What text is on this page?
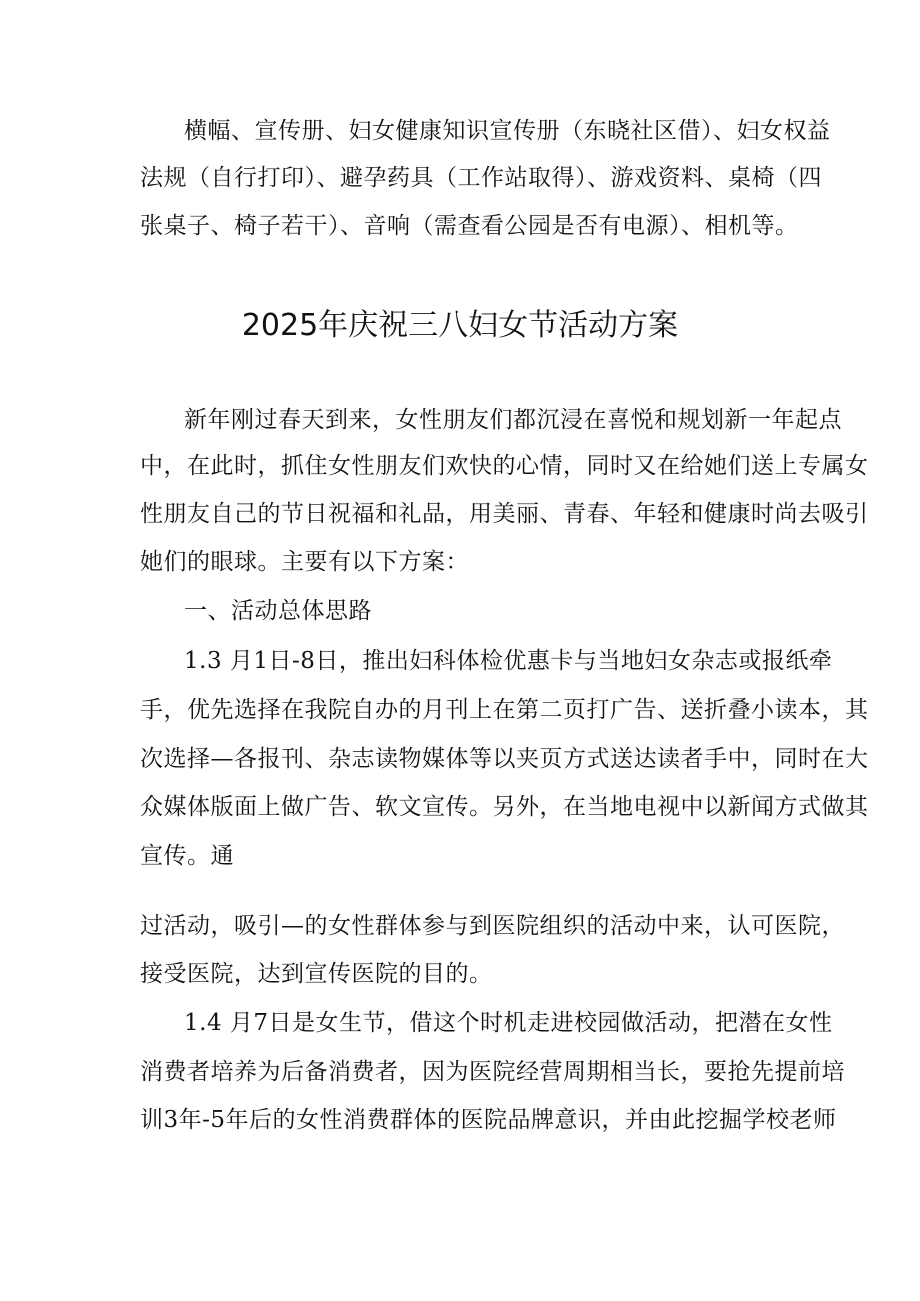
横幅、宣传册、妇女健康知识宣传册（东晓社区借）、妇女权益
法规（自行打印）、避孕药具（工作站取得）、游戏资料、桌椅（四
张桌子、椅子若干）、音响（需查看公园是否有电源）、相机等。
2025年庆祝三八妇女节活动方案
新年刚过春天到来，女性朋友们都沉浸在喜悦和规划新一年起点
中，在此时，抓住女性朋友们欢快的心情，同时又在给她们送上专属女
性朋友自己的节日祝福和礼品，用美丽、青春、年轻和健康时尚去吸引
她们的眼球。主要有以下方案：
一、活动总体思路
1.3 月1日-8日，推出妇科体检优惠卡与当地妇女杂志或报纸牵
手，优先选择在我院自办的月刊上在第二页打广告、送折叠小读本，其
次选择—各报刊、杂志读物媒体等以夹页方式送达读者手中，同时在大
众媒体版面上做广告、软文宣传。另外，在当地电视中以新闻方式做其
宣传。通
过活动，吸引—的女性群体参与到医院组织的活动中来，认可医院，
接受医院，达到宣传医院的目的。
1.4 月7日是女生节，借这个时机走进校园做活动，把潜在女性
消费者培养为后备消费者，因为医院经营周期相当长，要抢先提前培
训3年-5年后的女性消费群体的医院品牌意识，并由此挖掘学校老师
